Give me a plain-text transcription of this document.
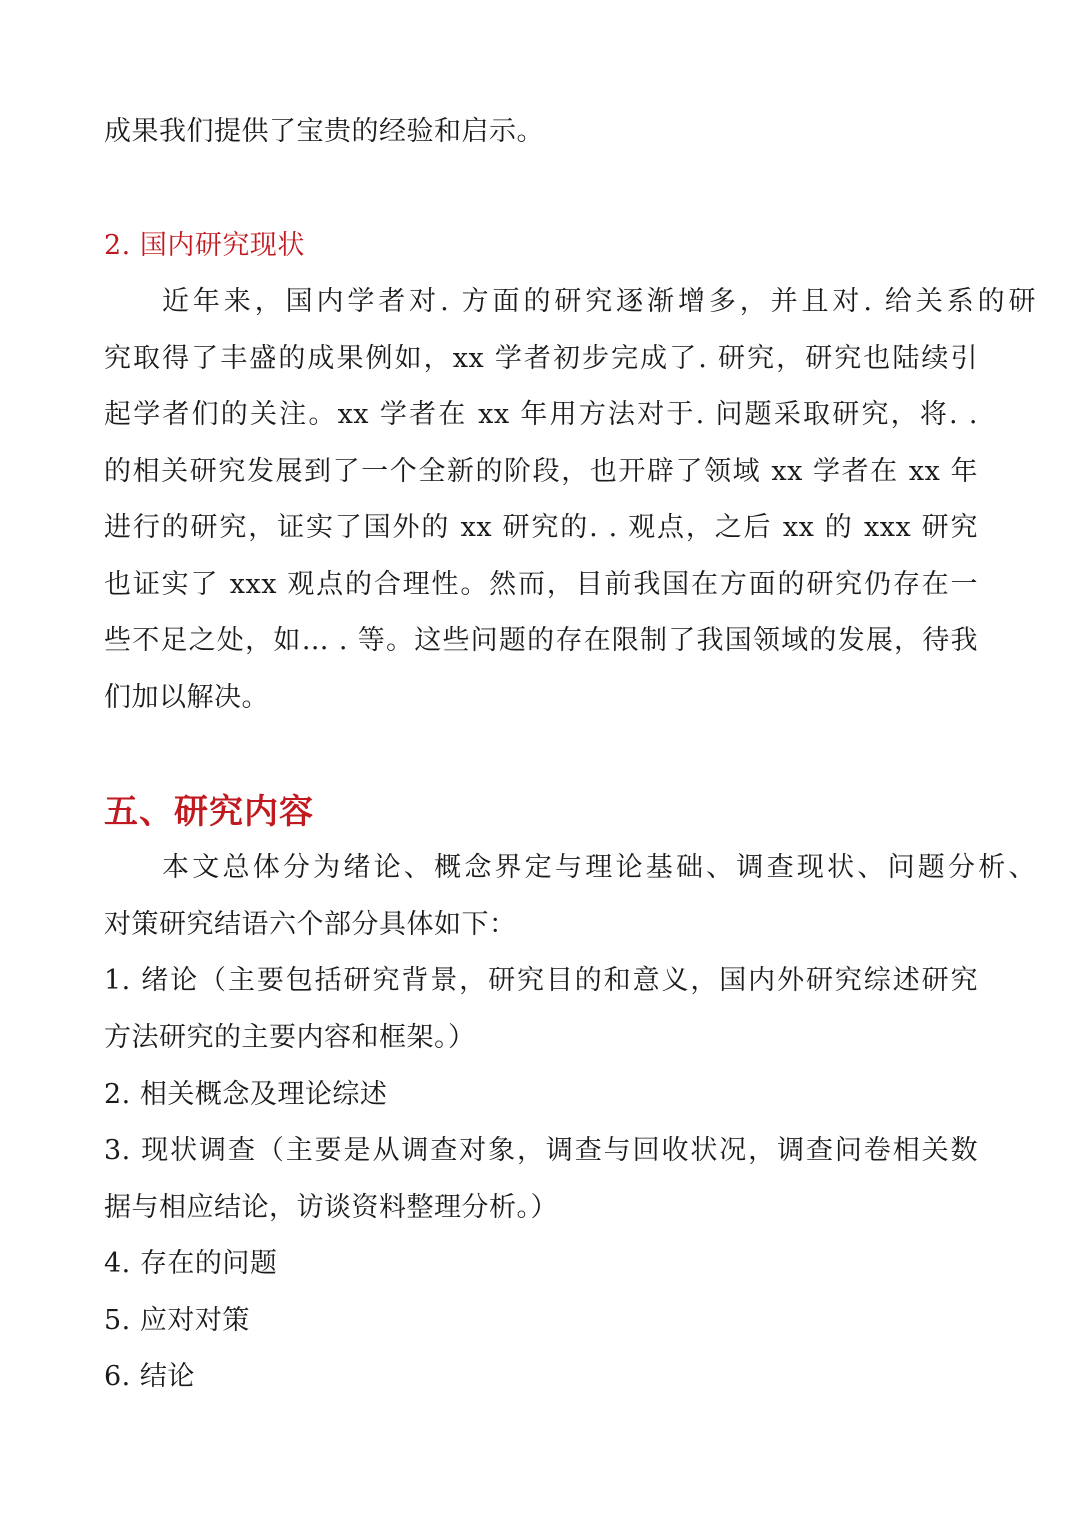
成果我们提供了宝贵的经验和启示。
2. 国内研究现状
近年来，国内学者对. 方面的研究逐渐增多，并且对. 给关系的研
究取得了丰盛的成果例如，xx 学者初步完成了. 研究，研究也陆续引
起学者们的关注。xx 学者在 xx 年用方法对于. 问题采取研究，将. .
的相关研究发展到了一个全新的阶段，也开辟了领域 xx 学者在 xx 年
进行的研究，证实了国外的 xx 研究的. . 观点，之后 xx 的 xxx 研究
也证实了 xxx 观点的合理性。然而，目前我国在方面的研究仍存在一
些不足之处，如… . 等。这些问题的存在限制了我国领域的发展，待我
们加以解决。
五、研究内容
本文总体分为绪论、概念界定与理论基础、调查现状、问题分析、
对策研究结语六个部分具体如下：
1. 绪论（主要包括研究背景，研究目的和意义，国内外研究综述研究
方法研究的主要内容和框架。）
2. 相关概念及理论综述
3. 现状调查（主要是从调查对象，调查与回收状况，调查问卷相关数
据与相应结论，访谈资料整理分析。）
4. 存在的问题
5. 应对对策
6. 结论
